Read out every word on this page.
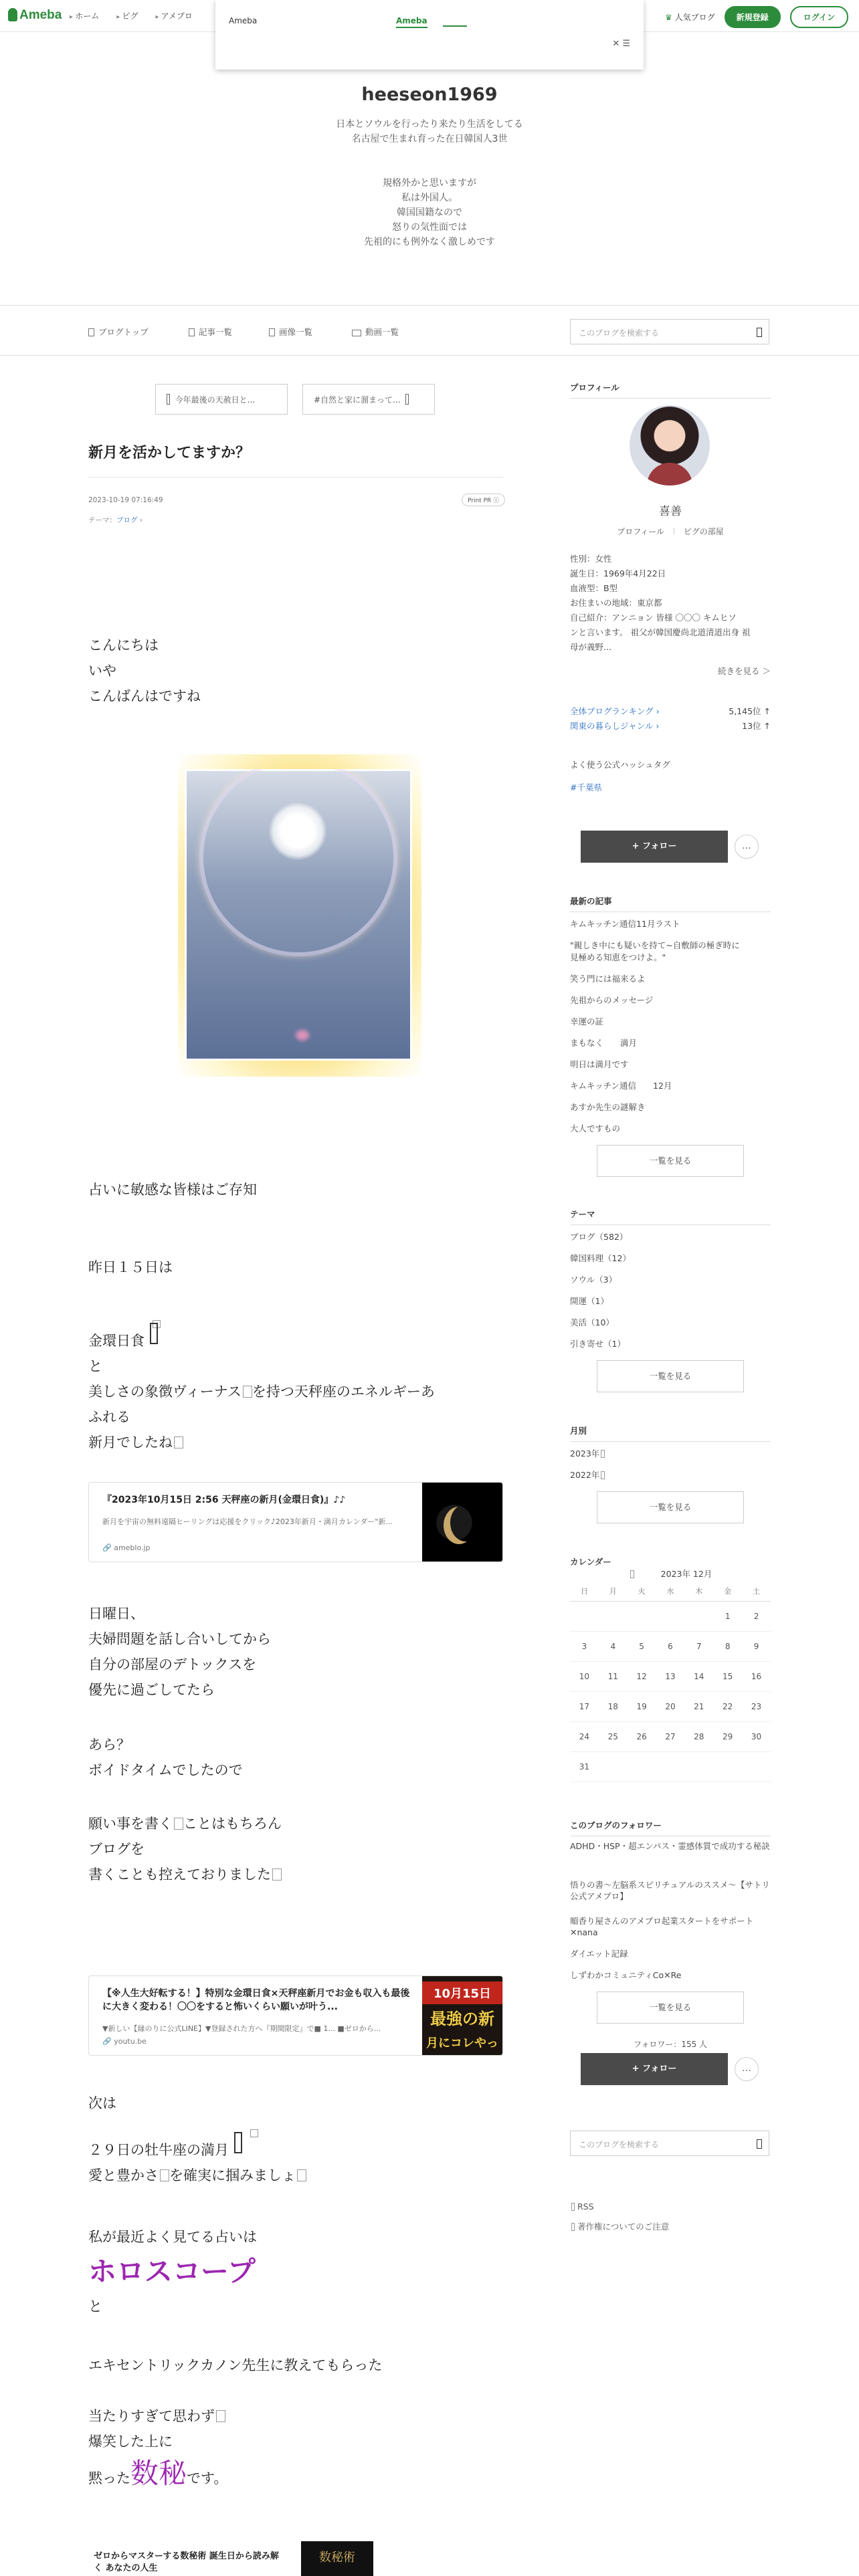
Ameba	▸ ホーム	▸ ピグ	▸ アメブロ	♛ 人気ブログ	新規登録	ログイン
Ameba	Ameba
✕ ☰
heeseon1969
日本とソウルを行ったり来たり生活をしてる
名古屋で生まれ育った在日韓国人3世
規格外かと思いますが
私は外国人。
韓国国籍なので
怒りの気性面では
先祖的にも例外なく激しめです
ブログトップ	記事一覧	画像一覧	動画一覧	このブログを検索する
今年最後の天赦日と...	#自然と家に溜まって...
新月を活かしてますか？
2023-10-19 07:16:49
テーマ：ブログ ›
Print PR ⓘ
こんにちは
いや
こんばんはですね
占いに敏感な皆様はご存知
昨日１５日は
金環日食
と
美しさの象徴ヴィーナス を持つ天秤座のエネルギーあ
ふれる
新月でしたね
『2023年10月15日 2:56 天秤座の新月(金環日食)』♪♪
新月を宇宙の無料遠隔ヒーリングは応援をクリック♪2023年新月・満月カレンダー"新...
🔗 ameblo.jp
日曜日、
夫婦問題を話し合いしてから
自分の部屋のデトックスを
優先に過ごしてたら
あら？
ボイドタイムでしたので
願い事を書く ことはもちろん
ブログを
書くことも控えておりました
【※人生大好転する！】特別な金環日食×天秤座新月でお金も収入も最後に大きく変わる！〇〇をすると怖いくらい願いが叶う...
▼新しい【縁のりに公式LINE】▼登録された方へ『期間限定』で■ 1... ■ゼロから...
🔗 youtu.be
10月15日
最強の新
月にコレやっ
次は
２９日の牡牛座の満月
愛と豊かさ を確実に掴みましょ
私が最近よく見てる占いは
ホロスコープ
と
エキセントリックカノン先生に教えてもらった
当たりすぎて思わず
爆笑した上に
黙った数秘です。
ゼロからマスターする数秘術 誕生日から読み解く あなたの人生
数秘術
プロフィール
喜善
プロフィール ピグの部屋
性別：女性
誕生日：1969年4月22日
血液型：B型
お住まいの地域：東京都
自己紹介：アンニョン 皆様 〇〇〇 キムヒソ
ンと言います。 祖父が韓国慶尚北道清道出身 祖
母が義野...
続きを見る ＞
全体ブログランキング ›	5,145位 ↑
関東の暮らしジャンル ›	13位 ↑
よく使う公式ハッシュタグ
#千葉県
+ フォロー	…
最新の記事
キムキッチン通信11月ラスト
"親しき中にも疑いを持て~自敷師の極ぎ時に
見極める知恵をつけよ。"
笑う門には福来るよ
先祖からのメッセージ
幸運の証
まもなく　　満月
明日は満月です
キムキッチン通信　　12月
あすか先生の謎解き
大人ですもの
一覧を見る
テーマ
ブログ（582）
韓国料理（12）
ソウル（3）
開運（1）
美活（10）
引き寄せ（1）
一覧を見る
月別
2023年
2022年
一覧を見る
カレンダー
2023年 12月
日	月	火	水	木	金	土
					1	2
3	4	5	6	7	8	9
10	11	12	13	14	15	16
17	18	19	20	21	22	23
24	25	26	27	28	29	30
31						
このブログのフォロワー
ADHD・HSP・超エンパス・霊感体質で成功する秘訣
悟りの書～左脳系スピリチュアルのススメ～【サトリ公式アメブロ】
順香り屋さんのアメブロ起業スタートをサポート✕nana
ダイエット記録
しずわかコミュニティCo✕Re
一覧を見る
フォロワー：155 人
+ フォロー	…
このブログを検索する
RSS
著作権についてのご注意
